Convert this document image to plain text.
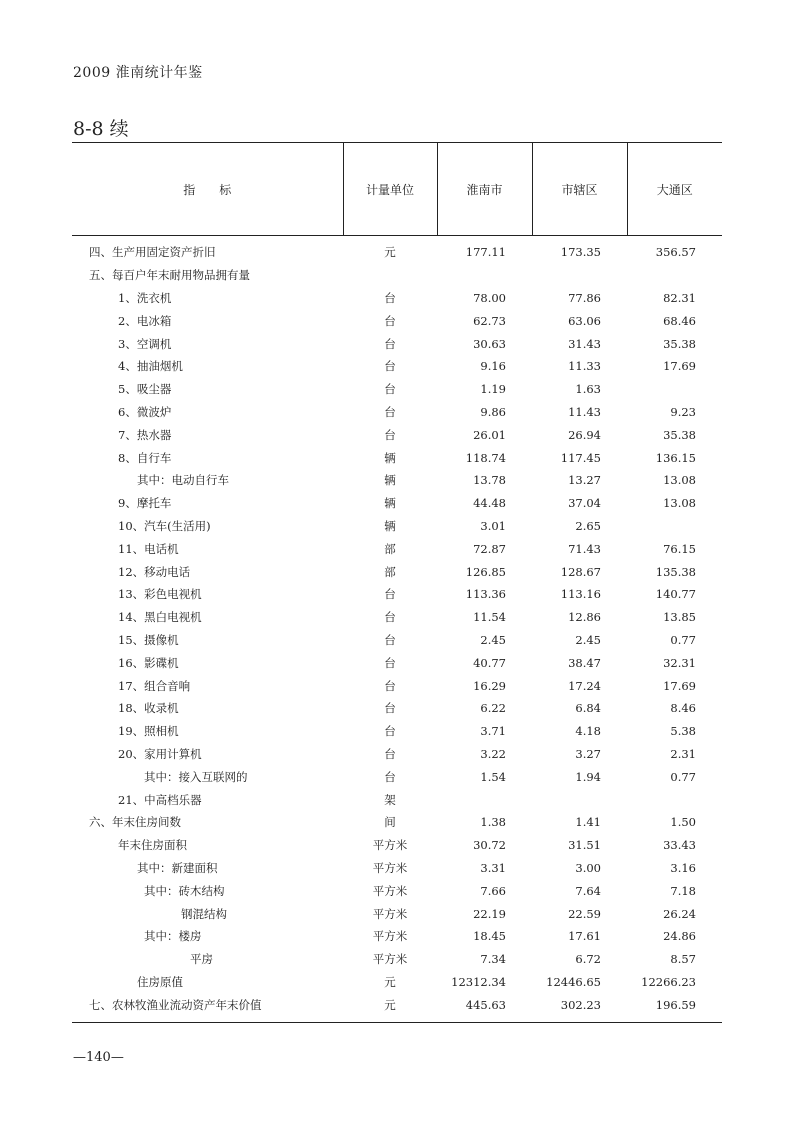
2009 淮南统计年鉴
8-8 续
指　　标	计量单位	淮南市	市辖区	大通区
四、生产用固定资产折旧	元	177.11	173.35	356.57
五、每百户年末耐用物品拥有量				
1、洗衣机	台	78.00	77.86	82.31
2、电冰箱	台	62.73	63.06	68.46
3、空调机	台	30.63	31.43	35.38
4、抽油烟机	台	9.16	11.33	17.69
5、吸尘器	台	1.19	1.63	
6、微波炉	台	9.86	11.43	9.23
7、热水器	台	26.01	26.94	35.38
8、自行车	辆	118.74	117.45	136.15
其中：电动自行车	辆	13.78	13.27	13.08
9、摩托车	辆	44.48	37.04	13.08
10、汽车(生活用)	辆	3.01	2.65	
11、电话机	部	72.87	71.43	76.15
12、移动电话	部	126.85	128.67	135.38
13、彩色电视机	台	113.36	113.16	140.77
14、黑白电视机	台	11.54	12.86	13.85
15、摄像机	台	2.45	2.45	0.77
16、影碟机	台	40.77	38.47	32.31
17、组合音响	台	16.29	17.24	17.69
18、收录机	台	6.22	6.84	8.46
19、照相机	台	3.71	4.18	5.38
20、家用计算机	台	3.22	3.27	2.31
其中：接入互联网的	台	1.54	1.94	0.77
21、中高档乐器	架			
六、年末住房间数	间	1.38	1.41	1.50
年末住房面积	平方米	30.72	31.51	33.43
其中：新建面积	平方米	3.31	3.00	3.16
其中：砖木结构	平方米	7.66	7.64	7.18
钢混结构	平方米	22.19	22.59	26.24
其中：楼房	平方米	18.45	17.61	24.86
平房	平方米	7.34	6.72	8.57
住房原值	元	12312.34	12446.65	12266.23
七、农林牧渔业流动资产年末价值	元	445.63	302.23	196.59
—140—
